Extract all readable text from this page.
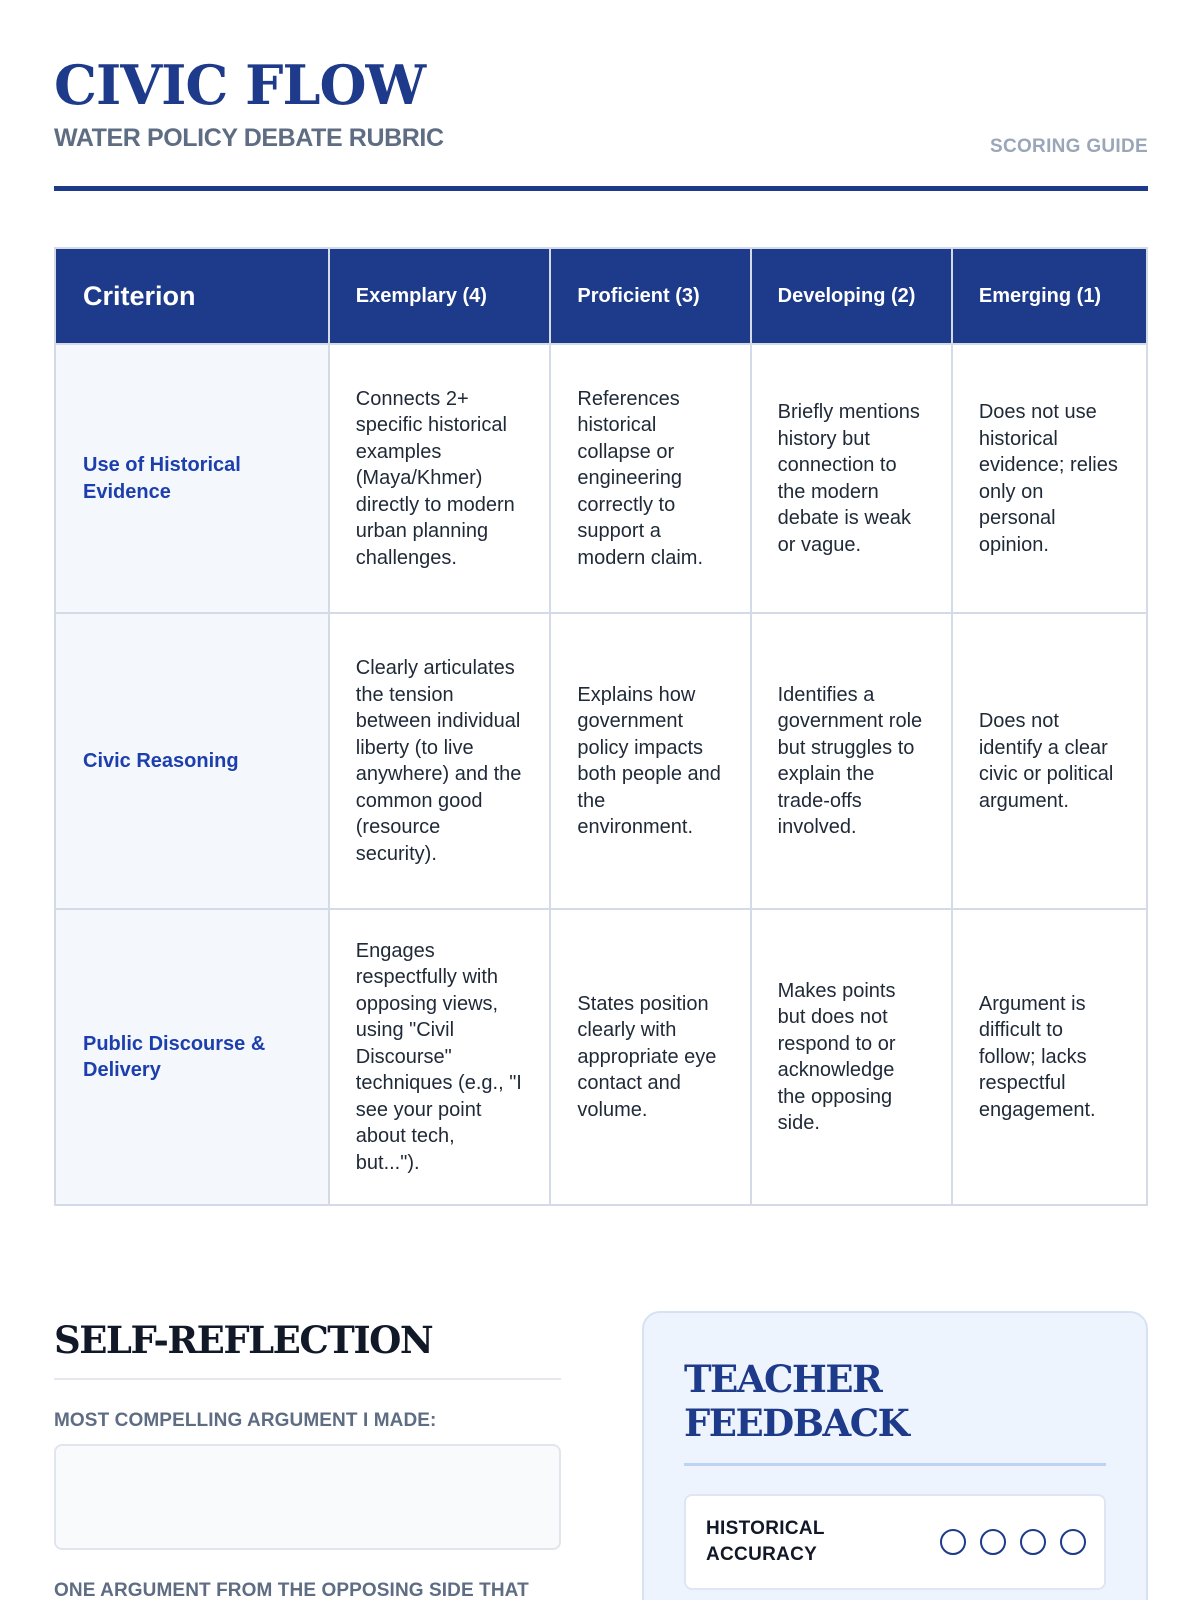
CIVIC FLOW
WATER POLICY DEBATE RUBRIC	SCORING GUIDE
Criterion	Exemplary (4)	Proficient (3)	Developing (2)	Emerging (1)
Use of Historical Evidence	Connects 2+ specific historical examples (Maya/Khmer) directly to modern urban planning challenges.	References historical collapse or engineering correctly to support a modern claim.	Briefly mentions history but connection to the modern debate is weak or vague.	Does not use historical evidence; relies only on personal opinion.
Civic Reasoning	Clearly articulates the tension between individual liberty (to live anywhere) and the common good (resource security).	Explains how government policy impacts both people and the environment.	Identifies a government role but struggles to explain the trade-offs involved.	Does not identify a clear civic or political argument.
Public Discourse & Delivery	Engages respectfully with opposing views, using "Civil Discourse" techniques (e.g., "I see your point about tech, but...").	States position clearly with appropriate eye contact and volume.	Makes points but does not respond to or acknowledge the opposing side.	Argument is difficult to follow; lacks respectful engagement.
SELF-REFLECTION
MOST COMPELLING ARGUMENT I MADE:
ONE ARGUMENT FROM THE OPPOSING SIDE THAT
TEACHER FEEDBACK
HISTORICAL ACCURACY
